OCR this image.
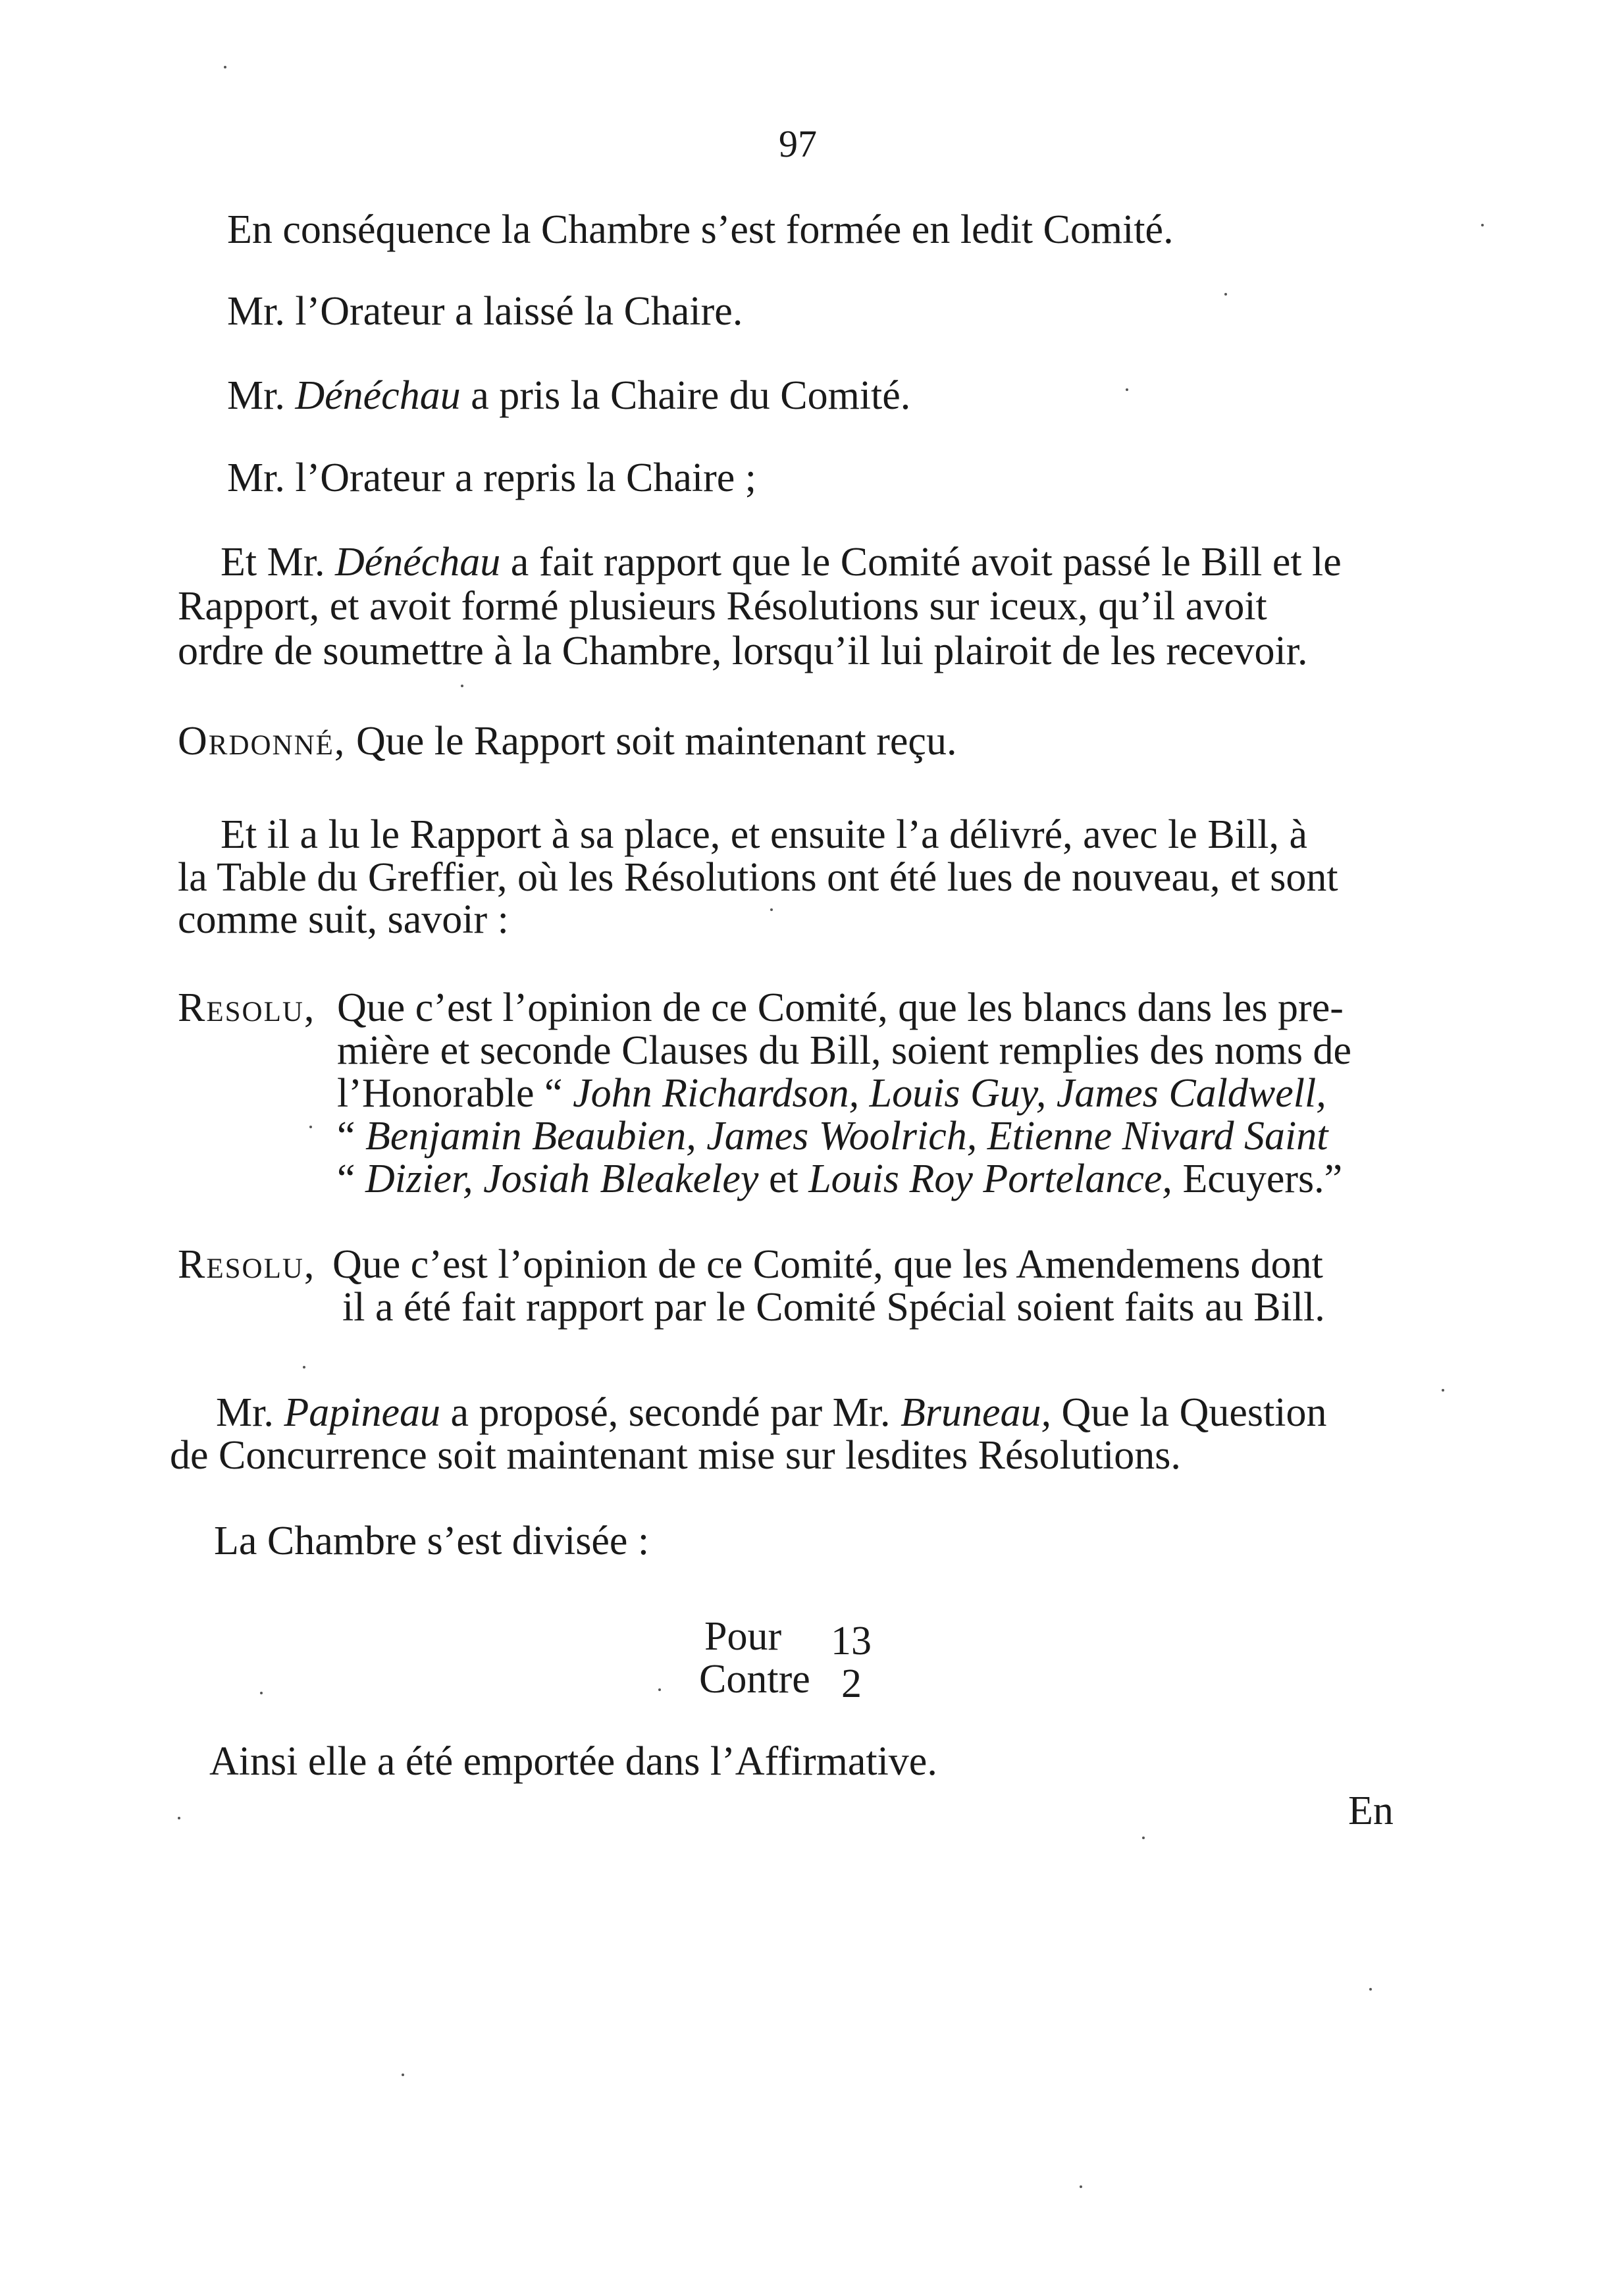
97
En conséquence la Chambre s’est formée en ledit Comité.
Mr. l’Orateur a laissé la Chaire.
Mr. Dénéchau a pris la Chaire du Comité.
Mr. l’Orateur a repris la Chaire ;
Et Mr. Dénéchau a fait rapport que le Comité avoit passé le Bill et le
Rapport, et avoit formé plusieurs Résolutions sur iceux, qu’il avoit
ordre de soumettre à la Chambre, lorsqu’il lui plairoit de les recevoir.
Ordonné, Que le Rapport soit maintenant reçu.
Et il a lu le Rapport à sa place, et ensuite l’a délivré, avec le Bill, à
la Table du Greffier, où les Résolutions ont été lues de nouveau, et sont
comme suit, savoir :
Resolu, Que c’est l’opinion de ce Comité, que les blancs dans les pre-
mière et seconde Clauses du Bill, soient remplies des noms de
l’Honorable “ John Richardson, Louis Guy, James Caldwell,
“ Benjamin Beaubien, James Woolrich, Etienne Nivard Saint
“ Dizier, Josiah Bleakeley et Louis Roy Portelance, Ecuyers.”
Resolu, Que c’est l’opinion de ce Comité, que les Amendemens dont
il a été fait rapport par le Comité Spécial soient faits au Bill.
Mr. Papineau a proposé, secondé par Mr. Bruneau, Que la Question
de Concurrence soit maintenant mise sur lesdites Résolutions.
La Chambre s’est divisée :
Pour 13
Contre 2
Ainsi elle a été emportée dans l’Affirmative.
En
